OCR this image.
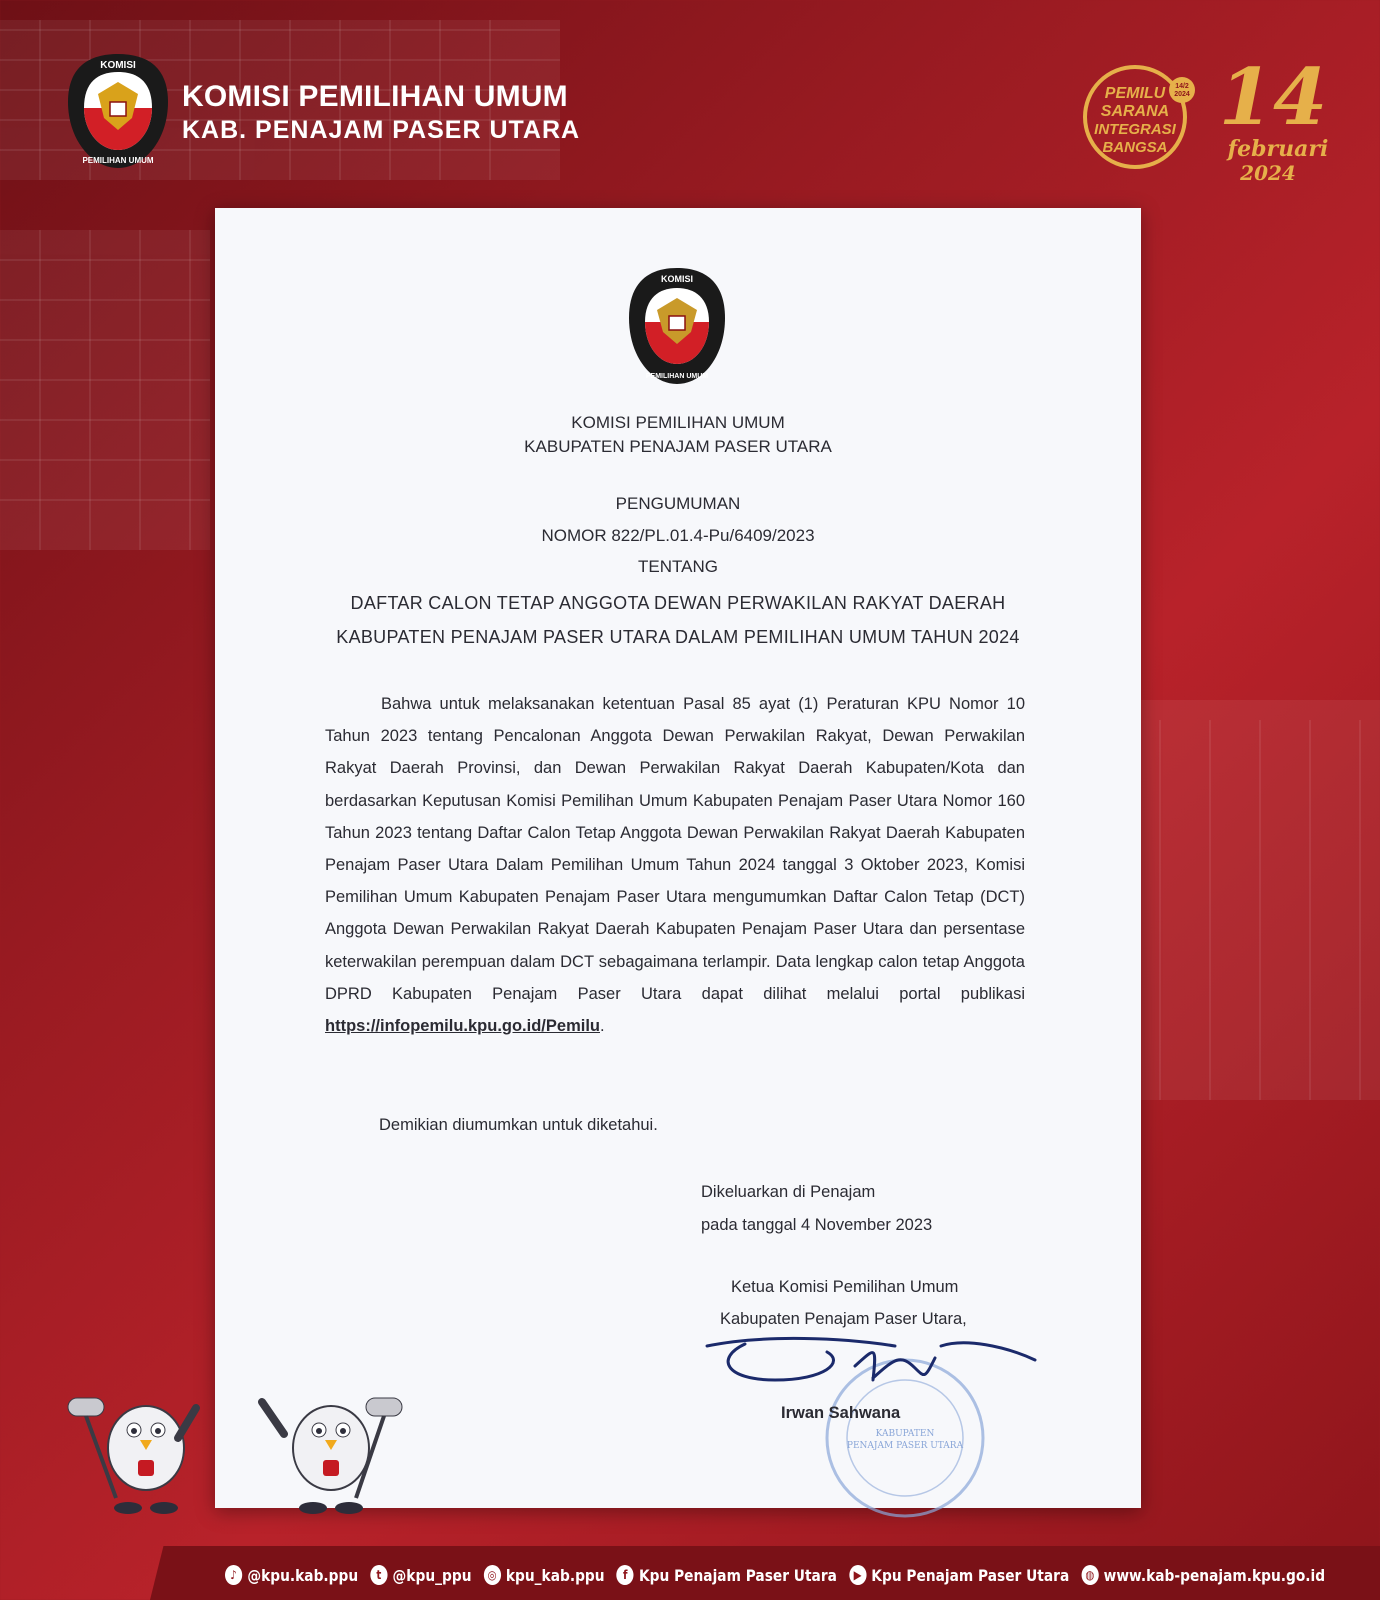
KOMISI
PEMILIHAN UMUM
KOMISI PEMILIHAN UMUM
KAB. PENAJAM PASER UTARA
14/2
2024
PEMILU
SARANA
INTEGRASI
BANGSA
14
februari
2024
KOMISI
PEMILIHAN UMUM
KOMISI PEMILIHAN UMUM
KABUPATEN PENAJAM PASER UTARA
PENGUMUMAN
NOMOR 822/PL.01.4-Pu/6409/2023
TENTANG
DAFTAR CALON TETAP ANGGOTA DEWAN PERWAKILAN RAKYAT DAERAH
KABUPATEN PENAJAM PASER UTARA DALAM PEMILIHAN UMUM TAHUN 2024
Bahwa untuk melaksanakan ketentuan Pasal 85 ayat (1) Peraturan KPU Nomor 10 Tahun 2023 tentang Pencalonan Anggota Dewan Perwakilan Rakyat, Dewan Perwakilan Rakyat Daerah Provinsi, dan Dewan Perwakilan Rakyat Daerah Kabupaten/Kota dan berdasarkan Keputusan Komisi Pemilihan Umum Kabupaten Penajam Paser Utara Nomor 160 Tahun 2023 tentang Daftar Calon Tetap Anggota Dewan Perwakilan Rakyat Daerah Kabupaten Penajam Paser Utara Dalam Pemilihan Umum Tahun 2024 tanggal 3 Oktober 2023, Komisi Pemilihan Umum Kabupaten Penajam Paser Utara mengumumkan Daftar Calon Tetap (DCT) Anggota Dewan Perwakilan Rakyat Daerah Kabupaten Penajam Paser Utara dan persentase keterwakilan perempuan dalam DCT sebagaimana terlampir. Data lengkap calon tetap Anggota DPRD Kabupaten Penajam Paser Utara dapat dilihat melalui portal publikasi https://infopemilu.kpu.go.id/Pemilu.
Demikian diumumkan untuk diketahui.
Dikeluarkan di Penajam
pada tanggal 4 November 2023
Ketua Komisi Pemilihan Umum
Kabupaten Penajam Paser Utara,
KABUPATEN
PENAJAM PASER UTARA
Irwan Sahwana
♪ @kpu.kab.ppu	t @kpu_ppu	◎ kpu_kab.ppu	f Kpu Penajam Paser Utara	▶ Kpu Penajam Paser Utara	◍ www.kab-penajam.kpu.go.id
